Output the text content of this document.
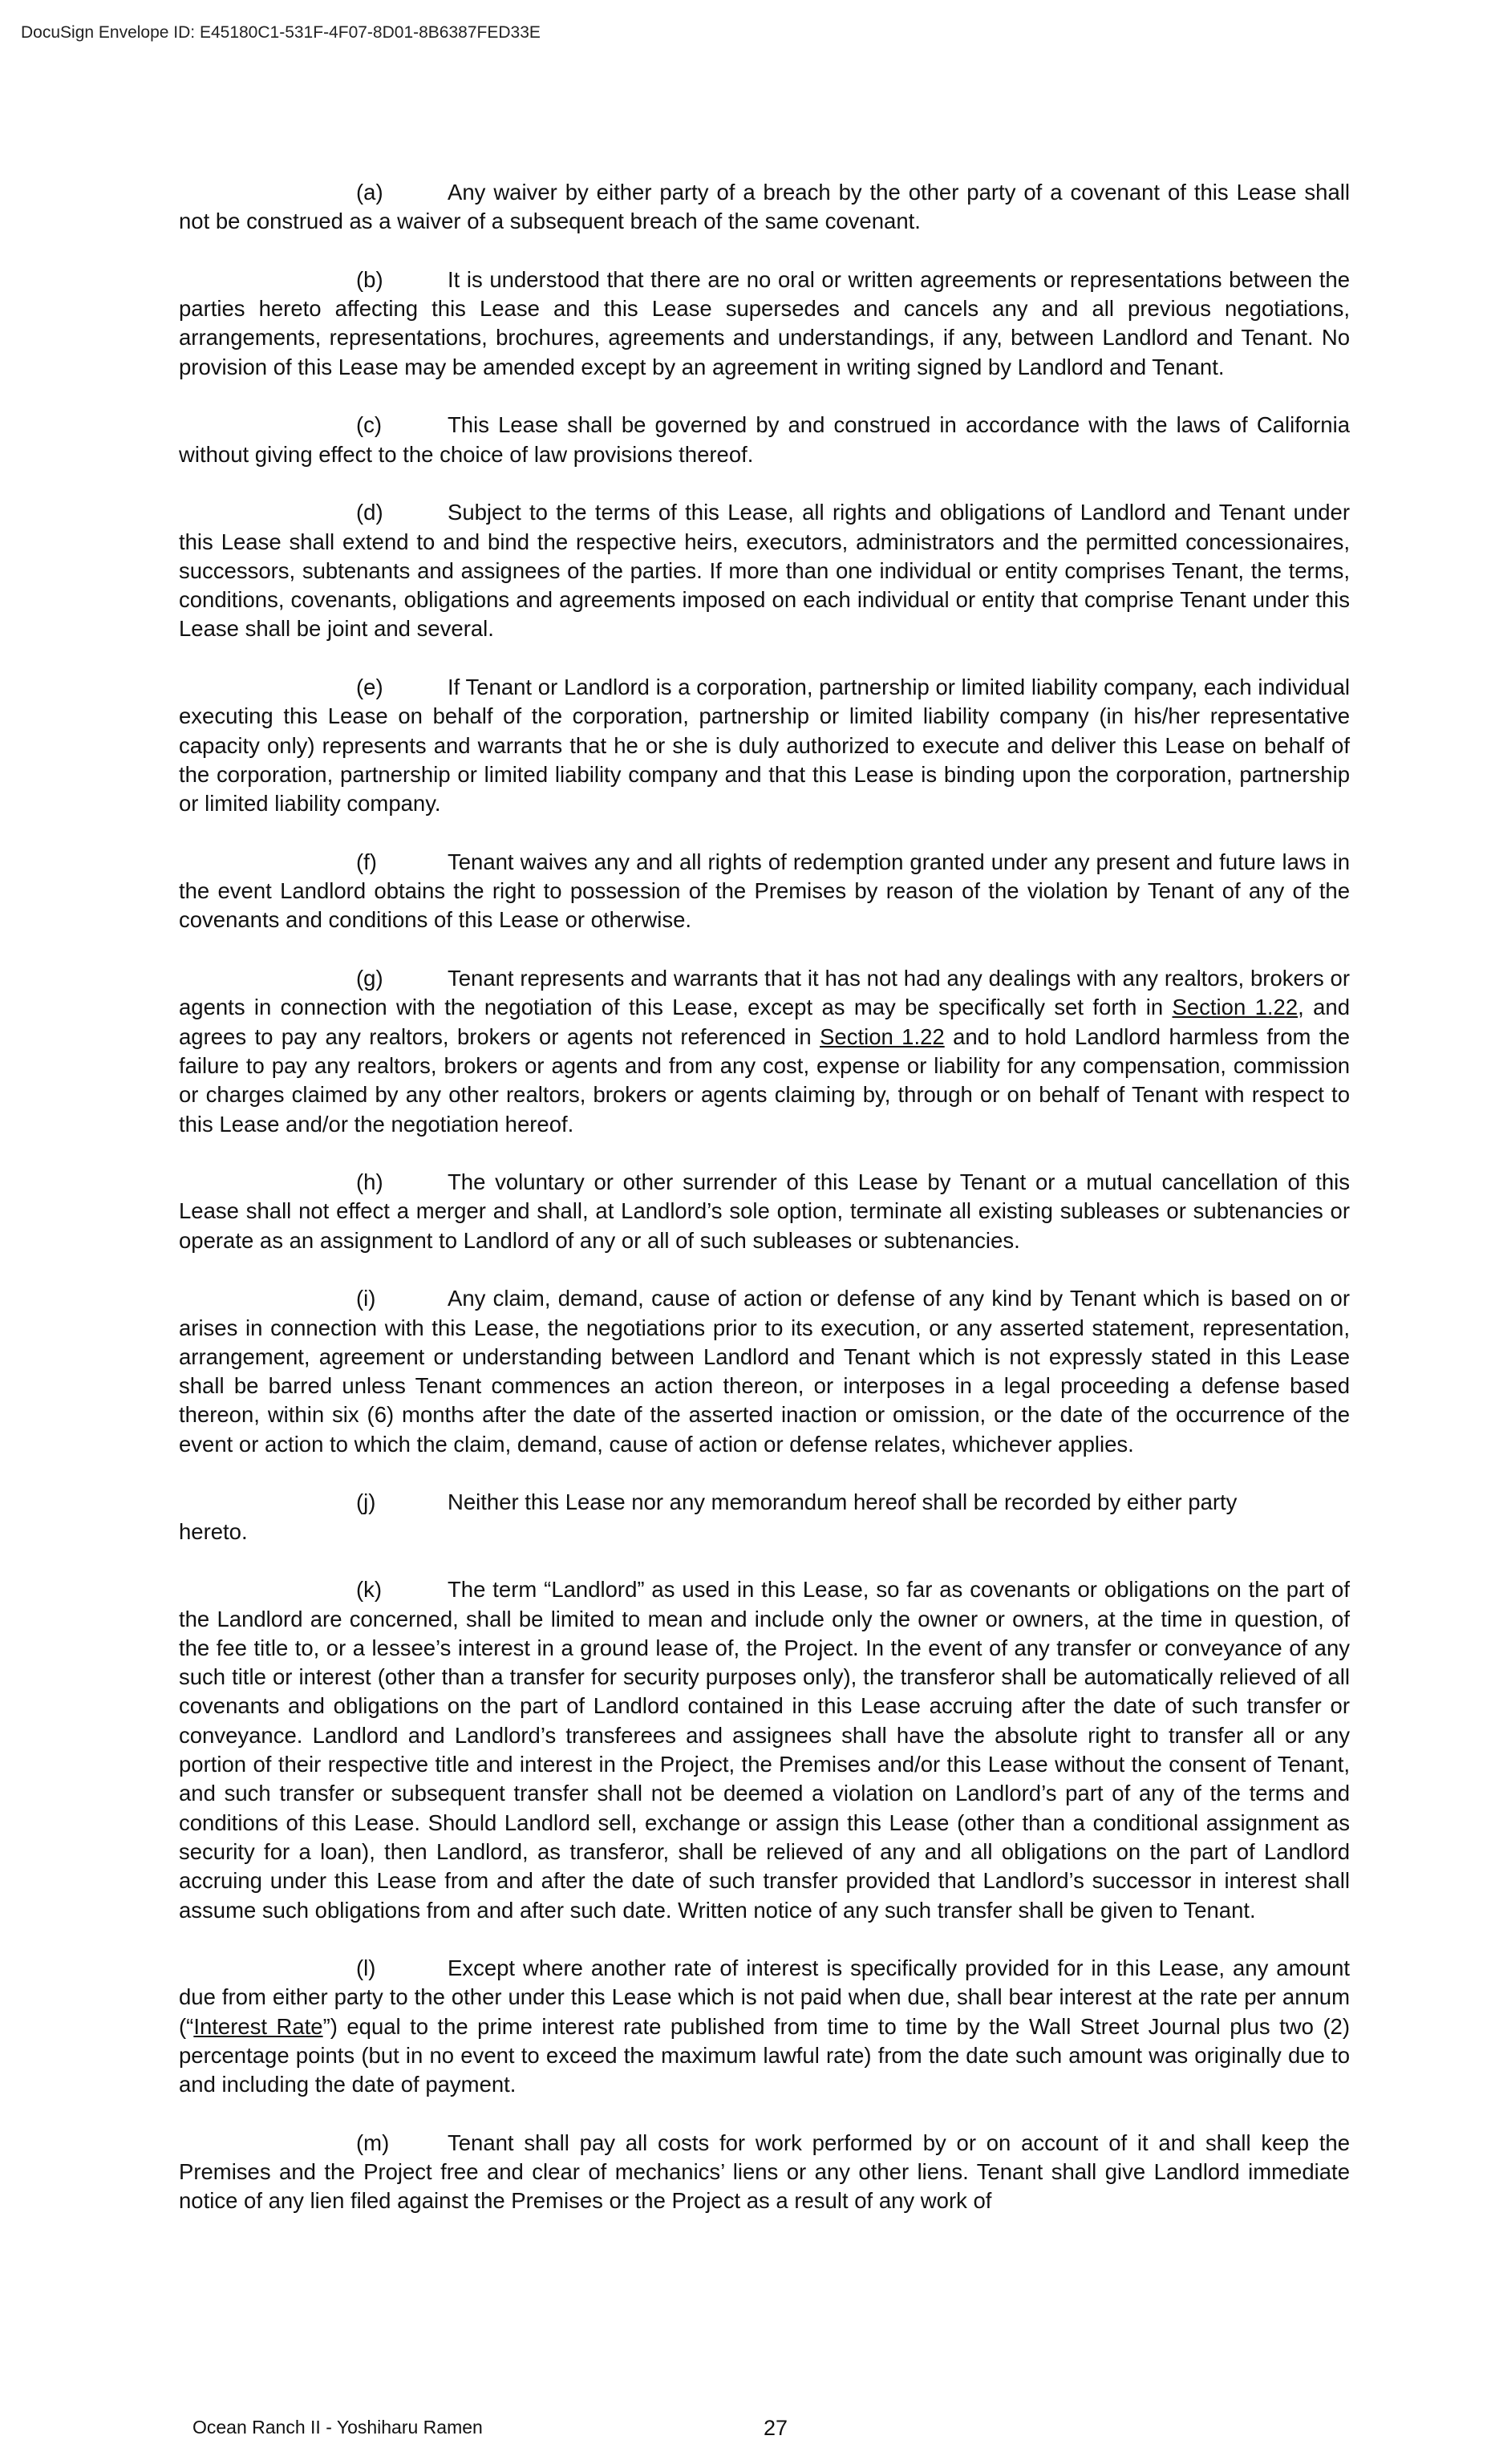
DocuSign Envelope ID: E45180C1-531F-4F07-8D01-8B6387FED33E

(a)	Any waiver by either party of a breach by the other party of a covenant of this Lease shall not be construed as a waiver of a subsequent breach of the same covenant.

(b)	It is understood that there are no oral or written agreements or representations between the parties hereto affecting this Lease and this Lease supersedes and cancels any and all previous negotiations, arrangements, representations, brochures, agreements and understandings, if any, between Landlord and Tenant. No provision of this Lease may be amended except by an agreement in writing signed by Landlord and Tenant.

(c)	This Lease shall be governed by and construed in accordance with the laws of California without giving effect to the choice of law provisions thereof.

(d)	Subject to the terms of this Lease, all rights and obligations of Landlord and Tenant under this Lease shall extend to and bind the respective heirs, executors, administrators and the permitted concessionaires, successors, subtenants and assignees of the parties. If more than one individual or entity comprises Tenant, the terms, conditions, covenants, obligations and agreements imposed on each individual or entity that comprise Tenant under this Lease shall be joint and several.

(e)	If Tenant or Landlord is a corporation, partnership or limited liability company, each individual executing this Lease on behalf of the corporation, partnership or limited liability company (in his/her representative capacity only) represents and warrants that he or she is duly authorized to execute and deliver this Lease on behalf of the corporation, partnership or limited liability company and that this Lease is binding upon the corporation, partnership or limited liability company.

(f)	Tenant waives any and all rights of redemption granted under any present and future laws in the event Landlord obtains the right to possession of the Premises by reason of the violation by Tenant of any of the covenants and conditions of this Lease or otherwise.

(g)	Tenant represents and warrants that it has not had any dealings with any realtors, brokers or agents in connection with the negotiation of this Lease, except as may be specifically set forth in Section 1.22, and agrees to pay any realtors, brokers or agents not referenced in Section 1.22 and to hold Landlord harmless from the failure to pay any realtors, brokers or agents and from any cost, expense or liability for any compensation, commission or charges claimed by any other realtors, brokers or agents claiming by, through or on behalf of Tenant with respect to this Lease and/or the negotiation hereof.

(h)	The voluntary or other surrender of this Lease by Tenant or a mutual cancellation of this Lease shall not effect a merger and shall, at Landlord’s sole option, terminate all existing subleases or subtenancies or operate as an assignment to Landlord of any or all of such subleases or subtenancies.

(i)	Any claim, demand, cause of action or defense of any kind by Tenant which is based on or arises in connection with this Lease, the negotiations prior to its execution, or any asserted statement, representation, arrangement, agreement or understanding between Landlord and Tenant which is not expressly stated in this Lease shall be barred unless Tenant commences an action thereon, or interposes in a legal proceeding a defense based thereon, within six (6) months after the date of the asserted inaction or omission, or the date of the occurrence of the event or action to which the claim, demand, cause of action or defense relates, whichever applies.

(j)	Neither this Lease nor any memorandum hereof shall be recorded by either party
hereto.

(k)	The term “Landlord” as used in this Lease, so far as covenants or obligations on the part of the Landlord are concerned, shall be limited to mean and include only the owner or owners, at the time in question, of the fee title to, or a lessee’s interest in a ground lease of, the Project. In the event of any transfer or conveyance of any such title or interest (other than a transfer for security purposes only), the transferor shall be automatically relieved of all covenants and obligations on the part of Landlord contained in this Lease accruing after the date of such transfer or conveyance. Landlord and Landlord’s transferees and assignees shall have the absolute right to transfer all or any portion of their respective title and interest in the Project, the Premises and/or this Lease without the consent of Tenant, and such transfer or subsequent transfer shall not be deemed a violation on Landlord’s part of any of the terms and conditions of this Lease. Should Landlord sell, exchange or assign this Lease (other than a conditional assignment as security for a loan), then Landlord, as transferor, shall be relieved of any and all obligations on the part of Landlord accruing under this Lease from and after the date of such transfer provided that Landlord’s successor in interest shall assume such obligations from and after such date. Written notice of any such transfer shall be given to Tenant.

(l)	Except where another rate of interest is specifically provided for in this Lease, any amount due from either party to the other under this Lease which is not paid when due, shall bear interest at the rate per annum (“Interest Rate”) equal to the prime interest rate published from time to time by the Wall Street Journal plus two (2) percentage points (but in no event to exceed the maximum lawful rate) from the date such amount was originally due to and including the date of payment.

(m)	Tenant shall pay all costs for work performed by or on account of it and shall keep the Premises and the Project free and clear of mechanics’ liens or any other liens. Tenant shall give Landlord immediate notice of any lien filed against the Premises or the Project as a result of any work of

Ocean Ranch II - Yoshiharu Ramen	27
